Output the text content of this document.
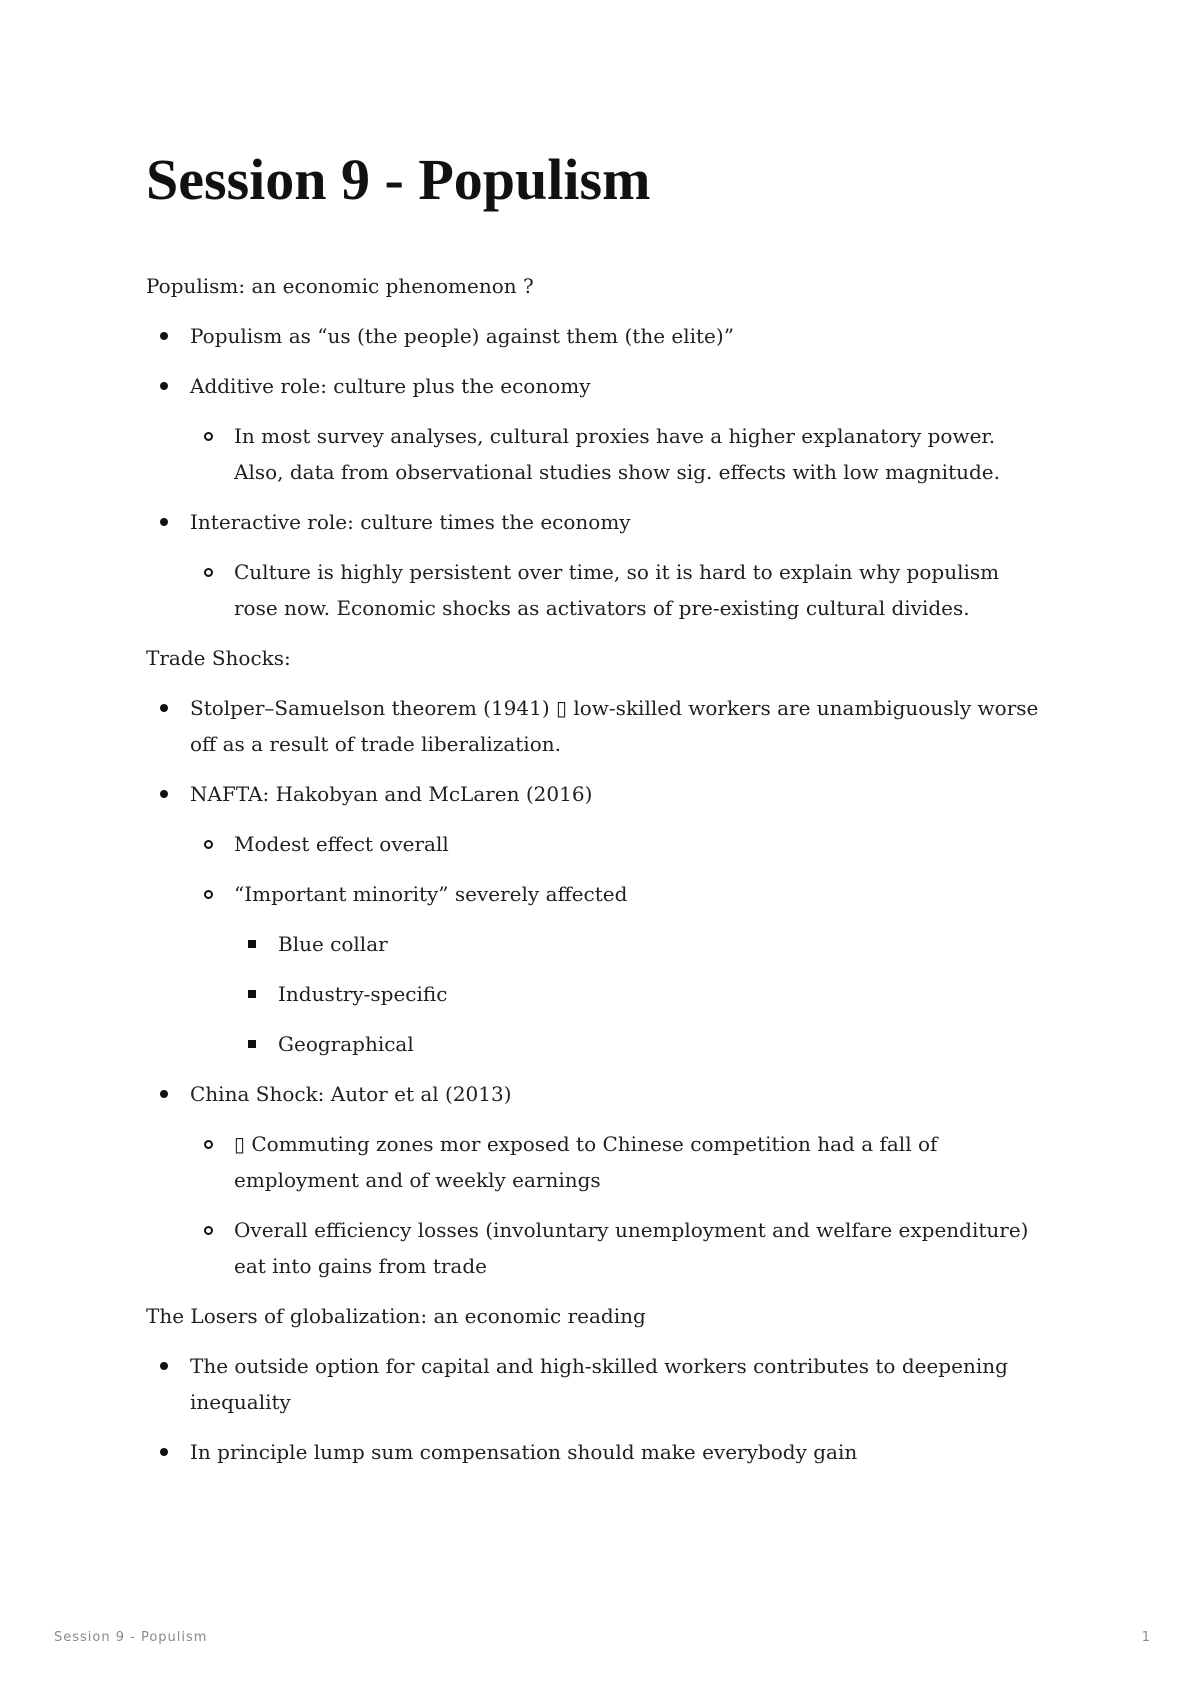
Session 9 - Populism

Populism: an economic phenomenon ?

Populism as “us (the people) against them (the elite)”
Additive role: culture plus the economy
In most survey analyses, cultural proxies have a higher explanatory power. Also, data from observational studies show sig. effects with low magnitude.
Interactive role: culture times the economy
Culture is highly persistent over time, so it is hard to explain why populism rose now. Economic shocks as activators of pre-existing cultural divides.

Trade Shocks:

Stolper–Samuelson theorem (1941) ▯ low-skilled workers are unambiguously worse off as a result of trade liberalization.
NAFTA: Hakobyan and McLaren (2016)
Modest effect overall
“Important minority” severely affected
Blue collar
Industry-specific
Geographical
China Shock: Autor et al (2013)
▯ Commuting zones mor exposed to Chinese competition had a fall of employment and of weekly earnings
Overall efficiency losses (involuntary unemployment and welfare expenditure) eat into gains from trade

The Losers of globalization: an economic reading

The outside option for capital and high-skilled workers contributes to deepening inequality
In principle lump sum compensation should make everybody gain
Session 9 - Populism	1
